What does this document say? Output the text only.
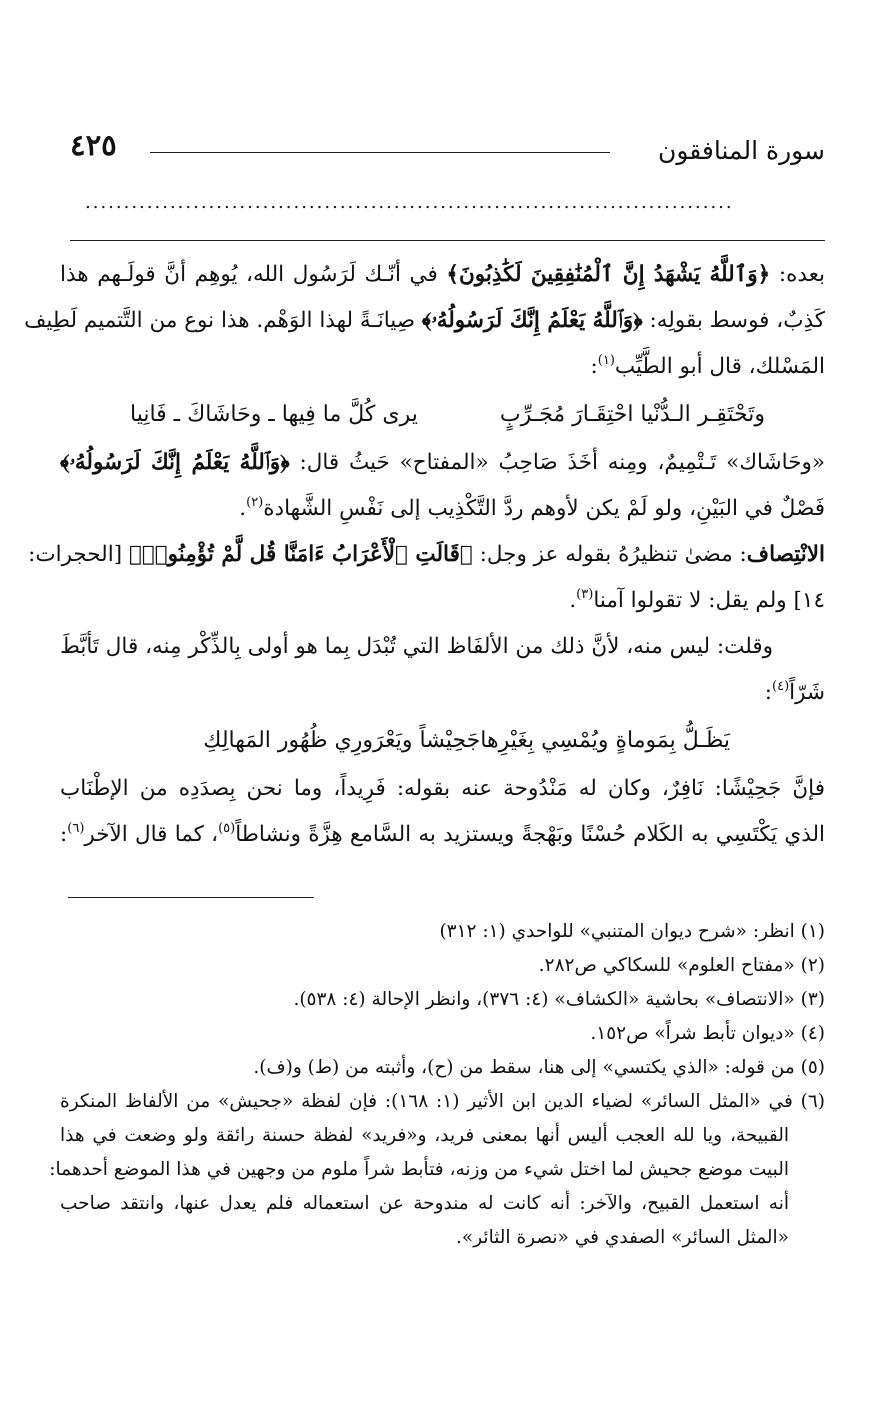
٤٢٥	سورة المنافقون
....................................................................................
بعده: ﴿وَٱللَّهُ يَشْهَدُ إِنَّ ٱلْمُنَٰفِقِينَ لَكَٰذِبُونَ﴾ في أنّـك لَرَسُول الله، يُوهِم أنَّ قولَـهم هذا
كَذِبٌ، فوسط بقولِه: ﴿وَٱللَّهُ يَعْلَمُ إِنَّكَ لَرَسُولُهُۥ﴾ صِيانَـةً لهذا الوَهْم. هذا نوع من التَّتميم لَطِيف
المَسْلك، قال أبو الطَّيِّب$^{(١)}$:
وتَحْتَقِـر الـدُّنْيا احْتِقَـارَ مُجَـرِّبٍ
يرى كُلَّ ما فِيها ـ وحَاشَاكَ ـ فَانِيا
«وحَاشَاك» تَـتْمِيمٌ، ومِنه أخَذَ صَاحِبُ «المفتاح» حَيثُ قال: ﴿وَٱللَّهُ يَعْلَمُ إِنَّكَ لَرَسُولُهُۥ﴾
فَصْلٌ في البَيْنِ، ولو لَمْ يكن لأوهم ردَّ التَّكْذِيب إلى نَفْسِ الشَّهادة$^{(٢)}$.
الانْتِصاف: مضىٰ تنظيرُهُ بقوله عز وجل: ﴿قَالَتِ ٱلْأَعْرَابُ ءَامَنَّا قُل لَّمْ تُؤْمِنُوا۟﴾ [الحجرات:
١٤] ولم يقل: لا تقولوا آمنا$^{(٣)}$.
وقلت: ليس منه، لأنَّ ذلك من الألفَاظ التي تُبْدَل بِما هو أولى بِالذِّكْر مِنه، قال تَأبَّطَ
شَرّاً$^{(٤)}$:
يَظَـلُّ بِمَوماةٍ ويُمْسِي بِغَيْرِها
جَحِيْشاً ويَعْرَورِي ظُهُور المَهالِكِ
فإنَّ جَحِيْشًا: نَافِرٌ، وكان له مَنْدُوحة عنه بقوله: فَرِيداً، وما نحن بِصدَدِه من الإطْنَاب
الذي يَكْتَسِي به الكَلام حُسْنًا وبَهْجةً ويستزيد به السَّامع هِزَّةً ونشاطاً$^{(٥)}$، كما قال الآخر$^{(٦)}$:
(١) انظر: «شرح ديوان المتنبي» للواحدي (١: ٣١٢)
(٢) «مفتاح العلوم» للسكاكي ص٢٨٢.
(٣) «الانتصاف» بحاشية «الكشاف» (٤: ٣٧٦)، وانظر الإحالة (٤: ٥٣٨).
(٤) «ديوان تأبط شراً» ص١٥٢.
(٥) من قوله: «الذي يكتسي» إلى هنا، سقط من (ح)، وأثبته من (ط) و(ف).
(٦) في «المثل السائر» لضياء الدين ابن الأثير (١: ١٦٨): فإن لفظة «جحيش» من الألفاظ المنكرة
القبيحة، ويا لله العجب أليس أنها بمعنى فريد، و«فريد» لفظة حسنة رائقة ولو وضعت في هذا
البيت موضع جحيش لما اختل شيء من وزنه، فتأبط شراً ملوم من وجهين في هذا الموضع أحدهما:
أنه استعمل القبيح، والآخر: أنه كانت له مندوحة عن استعماله فلم يعدل عنها، وانتقد صاحب
«المثل السائر» الصفدي في «نصرة الثائر».
